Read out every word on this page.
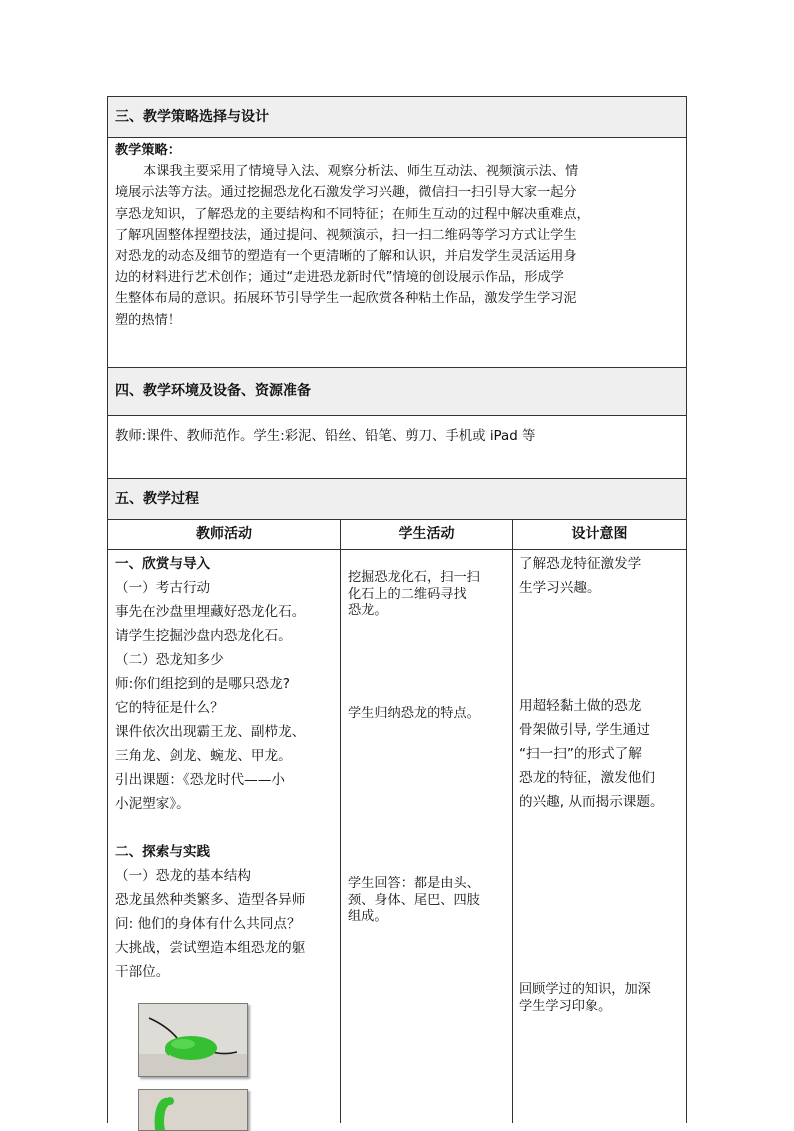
三、教学策略选择与设计
教学策略：
本课我主要采用了情境导入法、观察分析法、师生互动法、视频演示法、情
境展示法等方法。通过挖掘恐龙化石激发学习兴趣，微信扫一扫引导大家一起分
享恐龙知识，了解恐龙的主要结构和不同特征；在师生互动的过程中解决重难点，
了解巩固整体捏塑技法，通过提问、视频演示，扫一扫二维码等学习方式让学生
对恐龙的动态及细节的塑造有一个更清晰的了解和认识，并启发学生灵活运用身
边的材料进行艺术创作；通过“走进恐龙新时代”情境的创设展示作品，形成学
生整体布局的意识。拓展环节引导学生一起欣赏各种粘土作品，激发学生学习泥
塑的热情！
四、教学环境及设备、资源准备
教师:课件、教师范作。学生:彩泥、铅丝、铅笔、剪刀、手机或 iPad 等
五、教学过程
教师活动	学生活动	设计意图
一、欣赏与导入
（一）考古行动
事先在沙盘里埋藏好恐龙化石。
请学生挖掘沙盘内恐龙化石。
（二）恐龙知多少
师:你们组挖到的是哪只恐龙?
它的特征是什么？
课件依次出现霸王龙、副栉龙、
三角龙、剑龙、蜿龙、甲龙。
引出课题：《恐龙时代——小
小泥塑家》。
二、探索与实践
（一）恐龙的基本结构
恐龙虽然种类繁多、造型各异师
问: 他们的身体有什么共同点？
大挑战，尝试塑造本组恐龙的躯
干部位。
挖掘恐龙化石，扫一扫
化石上的二维码寻找
恐龙。
学生归纳恐龙的特点。
学生回答：都是由头、
颈、身体、尾巴、四肢
组成。
了解恐龙特征激发学
生学习兴趣。
用超轻黏土做的恐龙
骨架做引导, 学生通过
“扫一扫”的形式了解
恐龙的特征，激发他们
的兴趣, 从而揭示课题。
回顾学过的知识，加深
学生学习印象。
